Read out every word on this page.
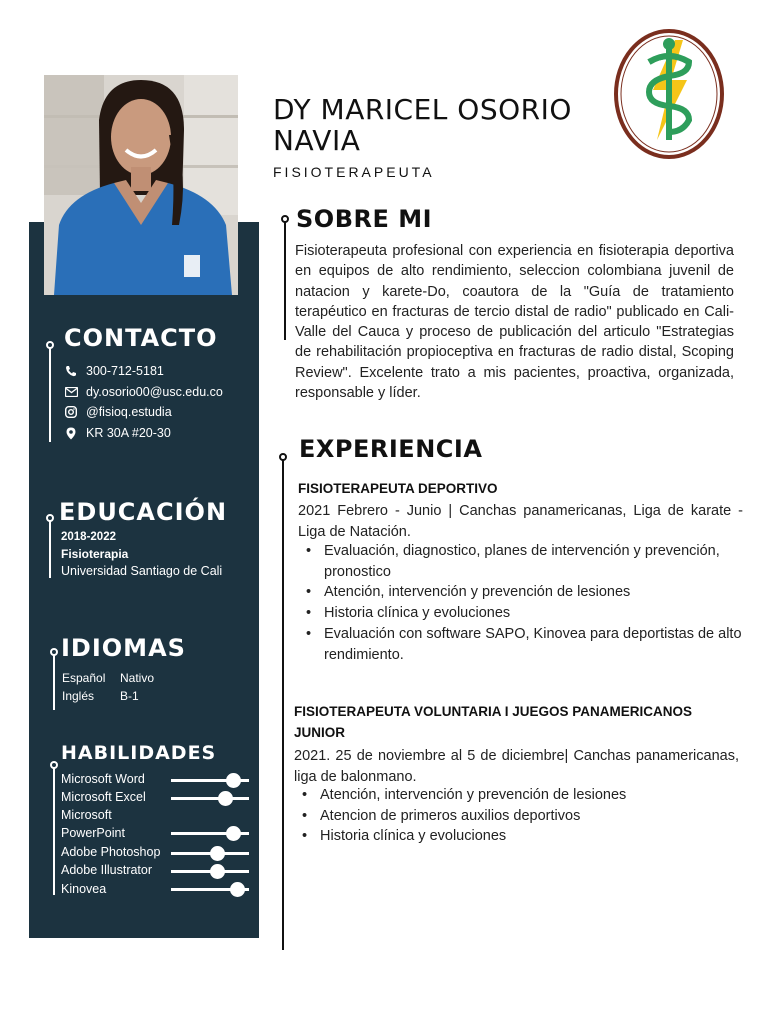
DY MARICEL OSORIO
NAVIA
FISIOTERAPEUTA
CONTACTO
300-712-5181
dy.osorio00@usc.edu.co
@fisioq.estudia
KR 30A #20-30
EDUCACIÓN
2018-2022
Fisioterapia
Universidad Santiago de Cali
IDIOMAS
Español Nativo
Inglés B-1
HABILIDADES
Microsoft Word
Microsoft Excel
Microsoft
PowerPoint
Adobe Photoshop
Adobe Illustrator
Kinovea
SOBRE MI
Fisioterapeuta profesional con experiencia en fisioterapia deportiva en equipos de alto rendimiento, seleccion colombiana juvenil de natacion y karete-Do, coautora de la "Guía de tratamiento terapéutico en fracturas de tercio distal de radio" publicado en Cali-Valle del Cauca y proceso de publicación del articulo "Estrategias de rehabilitación propioceptiva en fracturas de radio distal, Scoping Review". Excelente trato a mis pacientes, proactiva, organizada, responsable y líder.
EXPERIENCIA
FISIOTERAPEUTA DEPORTIVO
2021 Febrero - Junio | Canchas panamericanas, Liga de karate - Liga de Natación.
• Evaluación, diagnostico, planes de intervención y prevención, pronostico
• Atención, intervención y prevención de lesiones
• Historia clínica y evoluciones
• Evaluación con software SAPO, Kinovea para deportistas de alto rendimiento.
FISIOTERAPEUTA VOLUNTARIA I JUEGOS PANAMERICANOS JUNIOR
2021. 25 de noviembre al 5 de diciembre| Canchas panamericanas, liga de balonmano.
• Atención, intervención y prevención de lesiones
• Atencion de primeros auxilios deportivos
• Historia clínica y evoluciones
